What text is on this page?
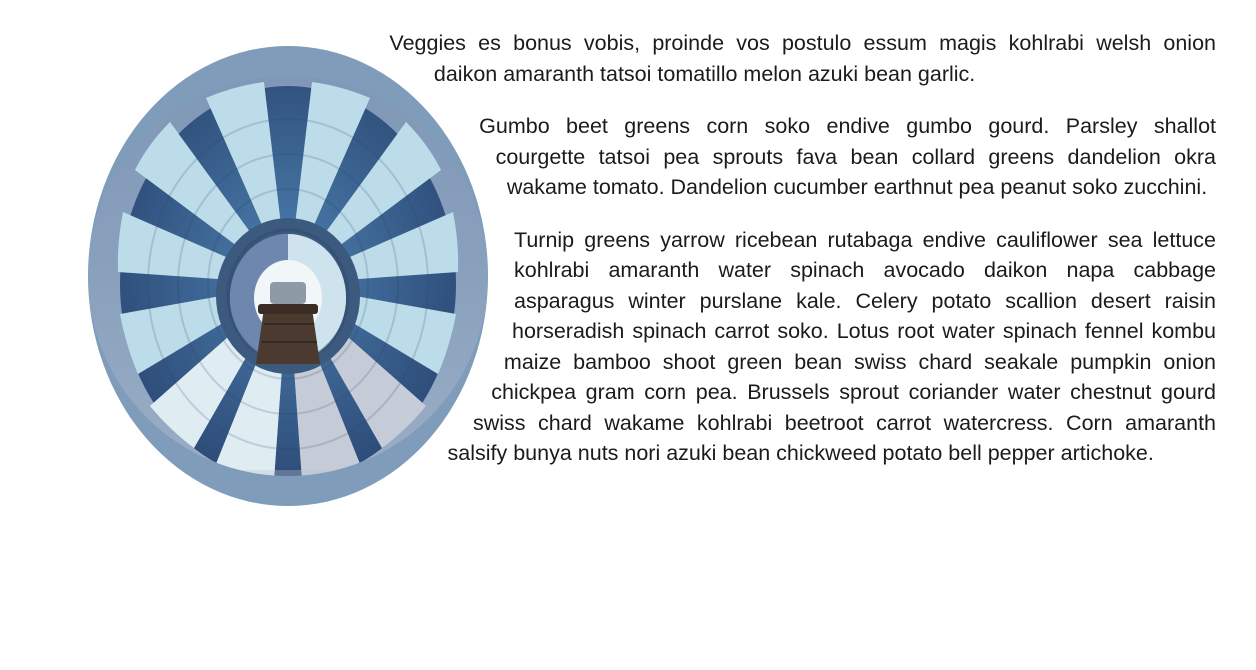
Veggies es bonus vobis, proinde vos postulo essum magis kohlrabi welsh onion daikon amaranth tatsoi tomatillo melon azuki bean garlic.

Gumbo beet greens corn soko endive gumbo gourd. Parsley shallot courgette tatsoi pea sprouts fava bean collard greens dandelion okra wakame tomato. Dandelion cucumber earthnut pea peanut soko zucchini.

Turnip greens yarrow ricebean rutabaga endive cauliflower sea lettuce kohlrabi amaranth water spinach avocado daikon napa cabbage asparagus winter purslane kale. Celery potato scallion desert raisin horseradish spinach carrot soko. Lotus root water spinach fennel kombu maize bamboo shoot green bean swiss chard seakale pumpkin onion chickpea gram corn pea. Brussels sprout coriander water chestnut gourd swiss chard wakame kohlrabi beetroot carrot watercress. Corn amaranth salsify bunya nuts nori azuki bean chickweed potato bell pepper artichoke.
